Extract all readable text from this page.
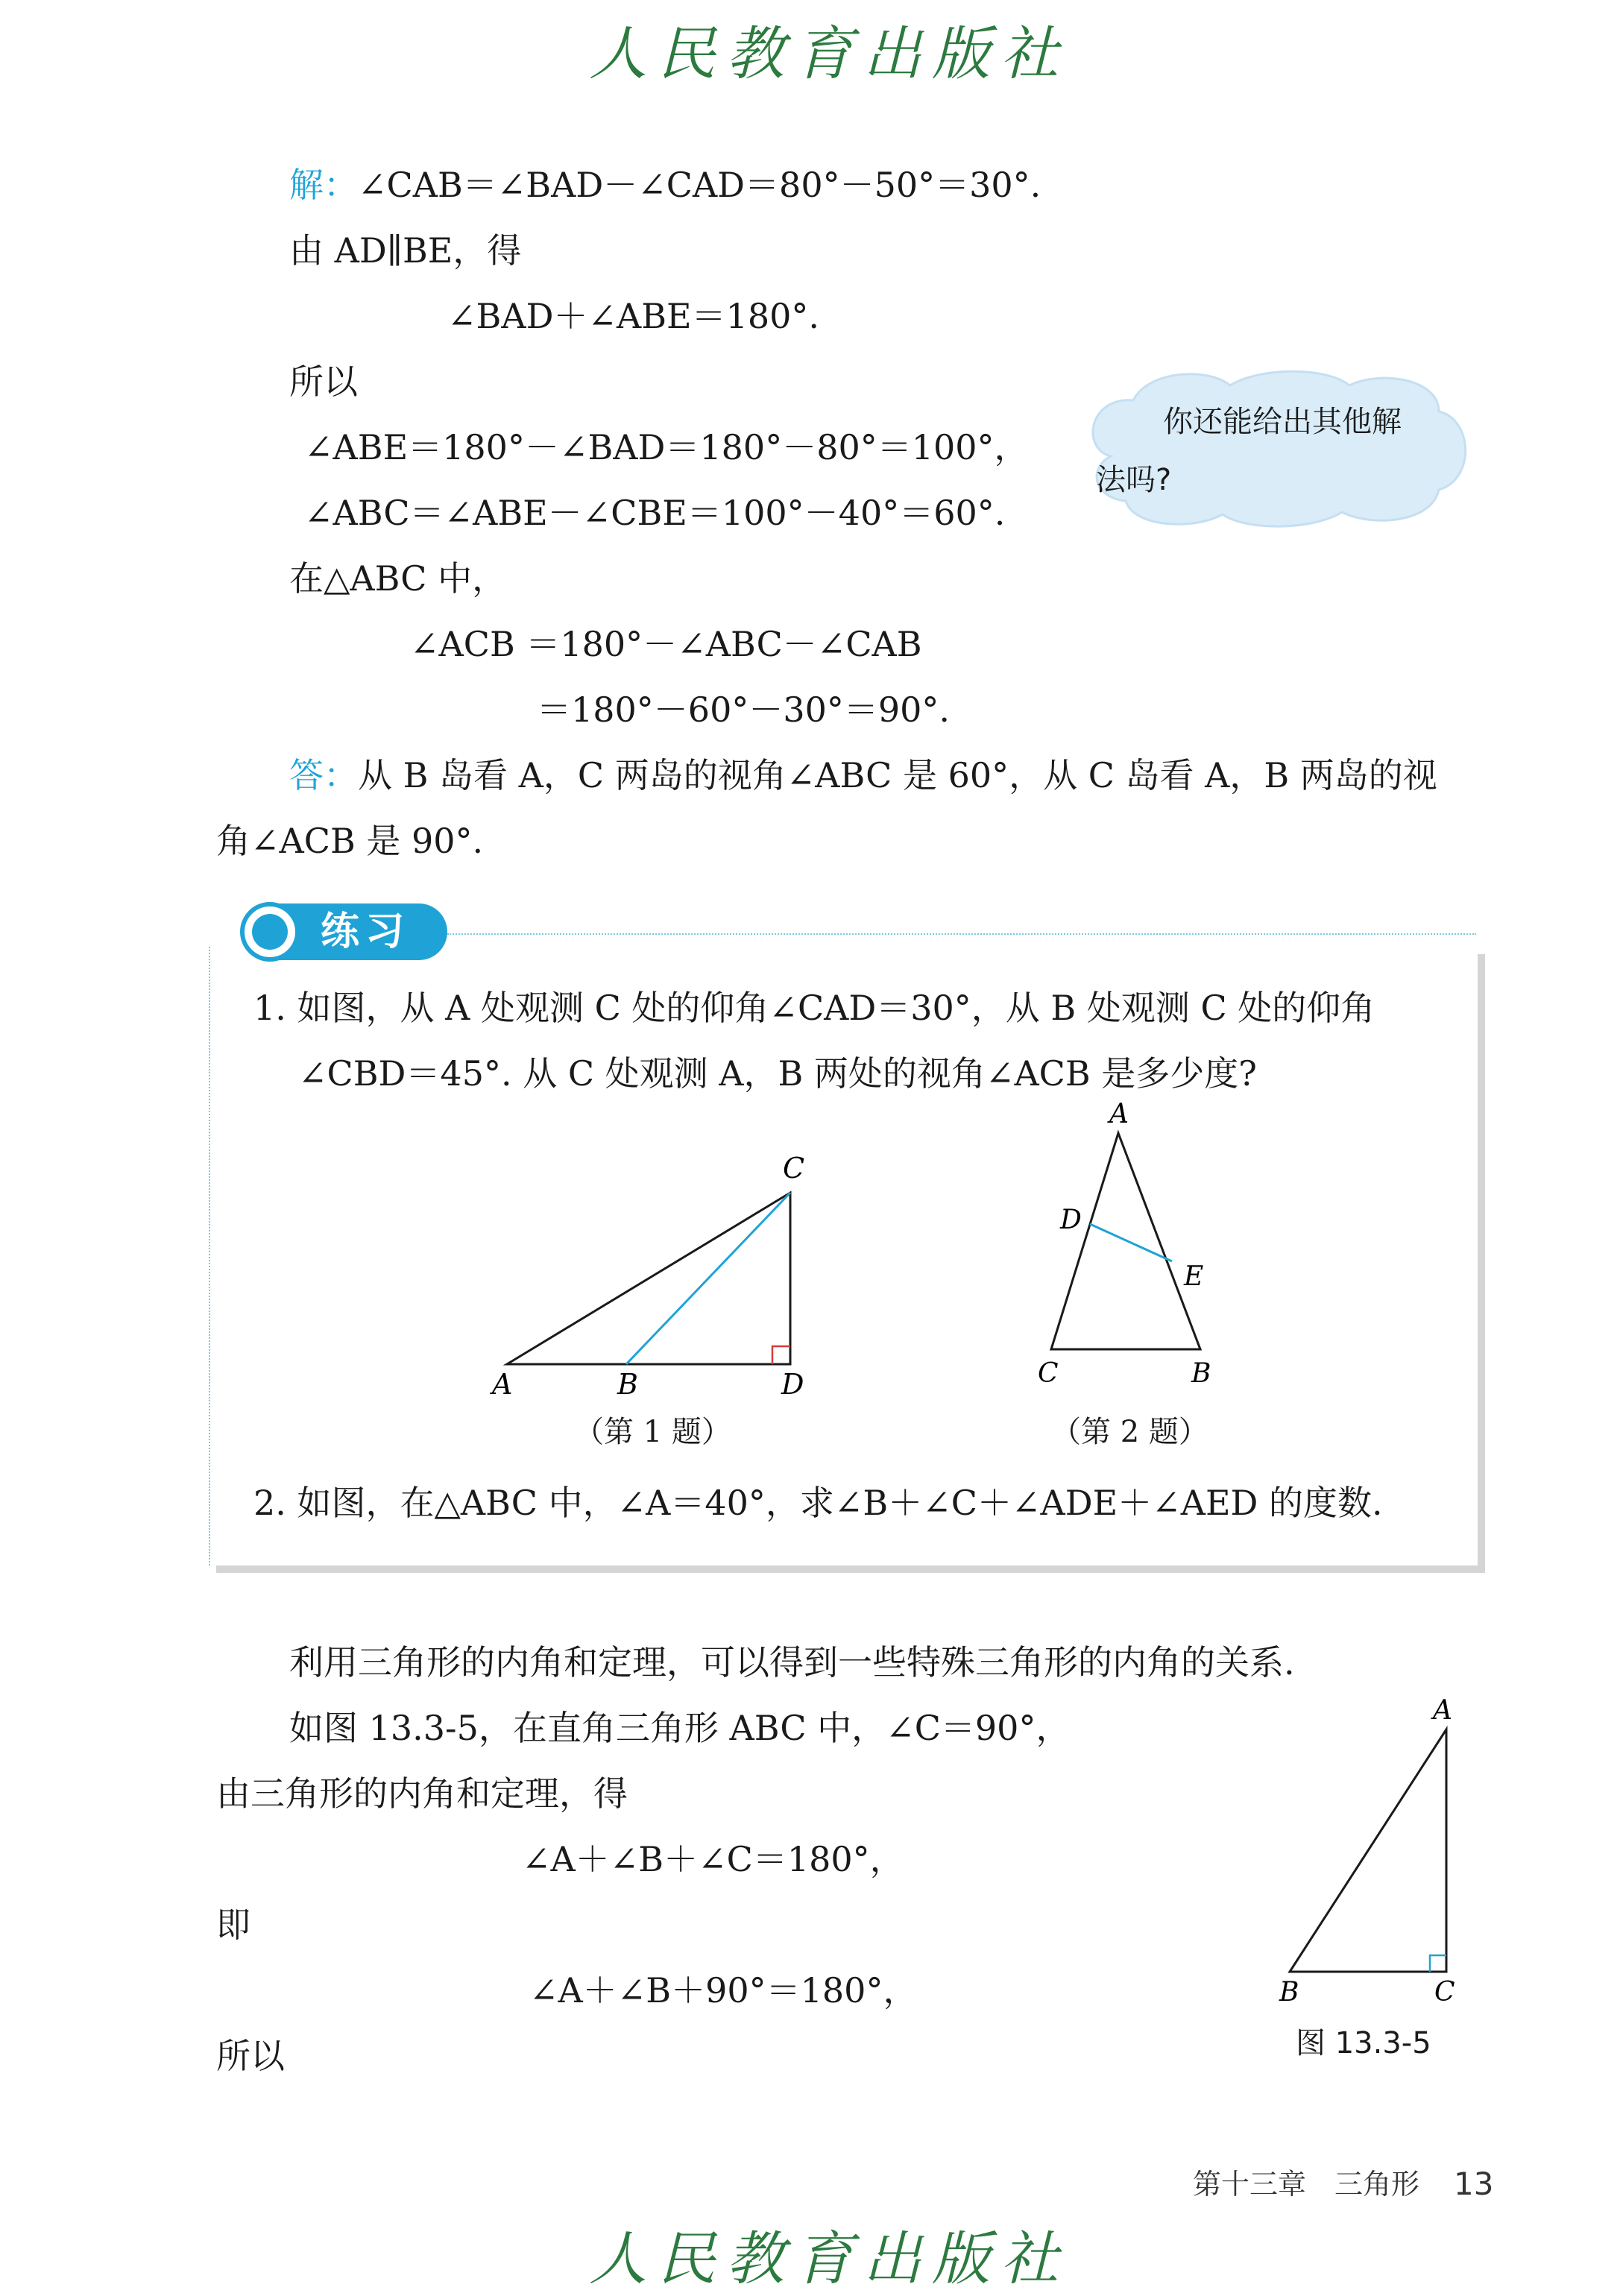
人民教育出版社
解：∠CAB＝∠BAD－∠CAD＝80°－50°＝30°.
由 AD∥BE，得
∠BAD＋∠ABE＝180°.
所以
∠ABE＝180°－∠BAD＝180°－80°＝100°，
∠ABC＝∠ABE－∠CBE＝100°－40°＝60°.
在△ABC 中，
∠ACB ＝180°－∠ABC－∠CAB
＝180°－60°－30°＝90°.
答：从 B 岛看 A，C 两岛的视角∠ABC 是 60°，从 C 岛看 A，B 两岛的视
角∠ACB 是 90°.
你还能给出其他解
法吗?
练习
1. 如图，从 A 处观测 C 处的仰角∠CAD＝30°，从 B 处观测 C 处的仰角
∠CBD＝45°. 从 C 处观测 A，B 两处的视角∠ACB 是多少度?
A	B	D
C
（第 1 题）
A
D
E
C	B
（第 2 题）
2. 如图，在△ABC 中，∠A＝40°，求∠B＋∠C＋∠ADE＋∠AED 的度数.
利用三角形的内角和定理，可以得到一些特殊三角形的内角的关系.
如图 13.3-5，在直角三角形 ABC 中，∠C＝90°，
由三角形的内角和定理，得
∠A＋∠B＋∠C＝180°，
即
∠A＋∠B＋90°＝180°，
所以
A
B	C
图 13.3-5
第十三章　三角形 13
人民教育出版社
